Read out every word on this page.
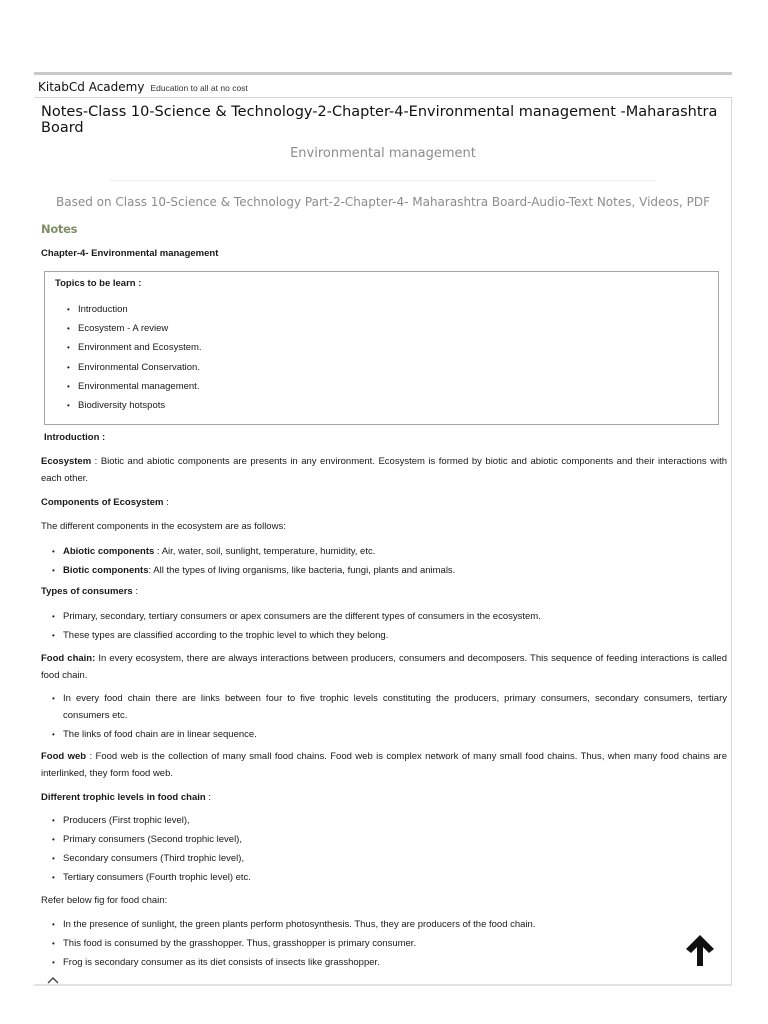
KitabCd Academy Education to all at no cost
Notes-Class 10-Science & Technology-2-Chapter-4-Environmental management -Maharashtra Board
Environmental management
Based on Class 10-Science & Technology Part-2-Chapter-4- Maharashtra Board-Audio-Text Notes, Videos, PDF
Notes
Chapter-4- Environmental management
Topics to be learn :
• Introduction
• Ecosystem - A review
• Environment and Ecosystem.
• Environmental Conservation.
• Environmental management.
• Biodiversity hotspots
Introduction :
Ecosystem : Biotic and abiotic components are presents in any environment. Ecosystem is formed by biotic and abiotic components and their interactions with each other.
Components of Ecosystem :
The different components in the ecosystem are as follows:
• Abiotic components : Air, water, soil, sunlight, temperature, humidity, etc.
• Biotic components: All the types of living organisms, like bacteria, fungi, plants and animals.
Types of consumers :
• Primary, secondary, tertiary consumers or apex consumers are the different types of consumers in the ecosystem.
• These types are classified according to the trophic level to which they belong.
Food chain: In every ecosystem, there are always interactions between producers, consumers and decomposers. This sequence of feeding interactions is called food chain.
• In every food chain there are links between four to five trophic levels constituting the producers, primary consumers, secondary consumers, tertiary consumers etc.
• The links of food chain are in linear sequence.
Food web : Food web is the collection of many small food chains. Food web is complex network of many small food chains. Thus, when many food chains are interlinked, they form food web.
Different trophic levels in food chain :
• Producers (First trophic level),
• Primary consumers (Second trophic level),
• Secondary consumers (Third trophic level),
• Tertiary consumers (Fourth trophic level) etc.
Refer below fig for food chain:
• In the presence of sunlight, the green plants perform photosynthesis. Thus, they are producers of the food chain.
• This food is consumed by the grasshopper. Thus, grasshopper is primary consumer.
• Frog is secondary consumer as its diet consists of insects like grasshopper.
